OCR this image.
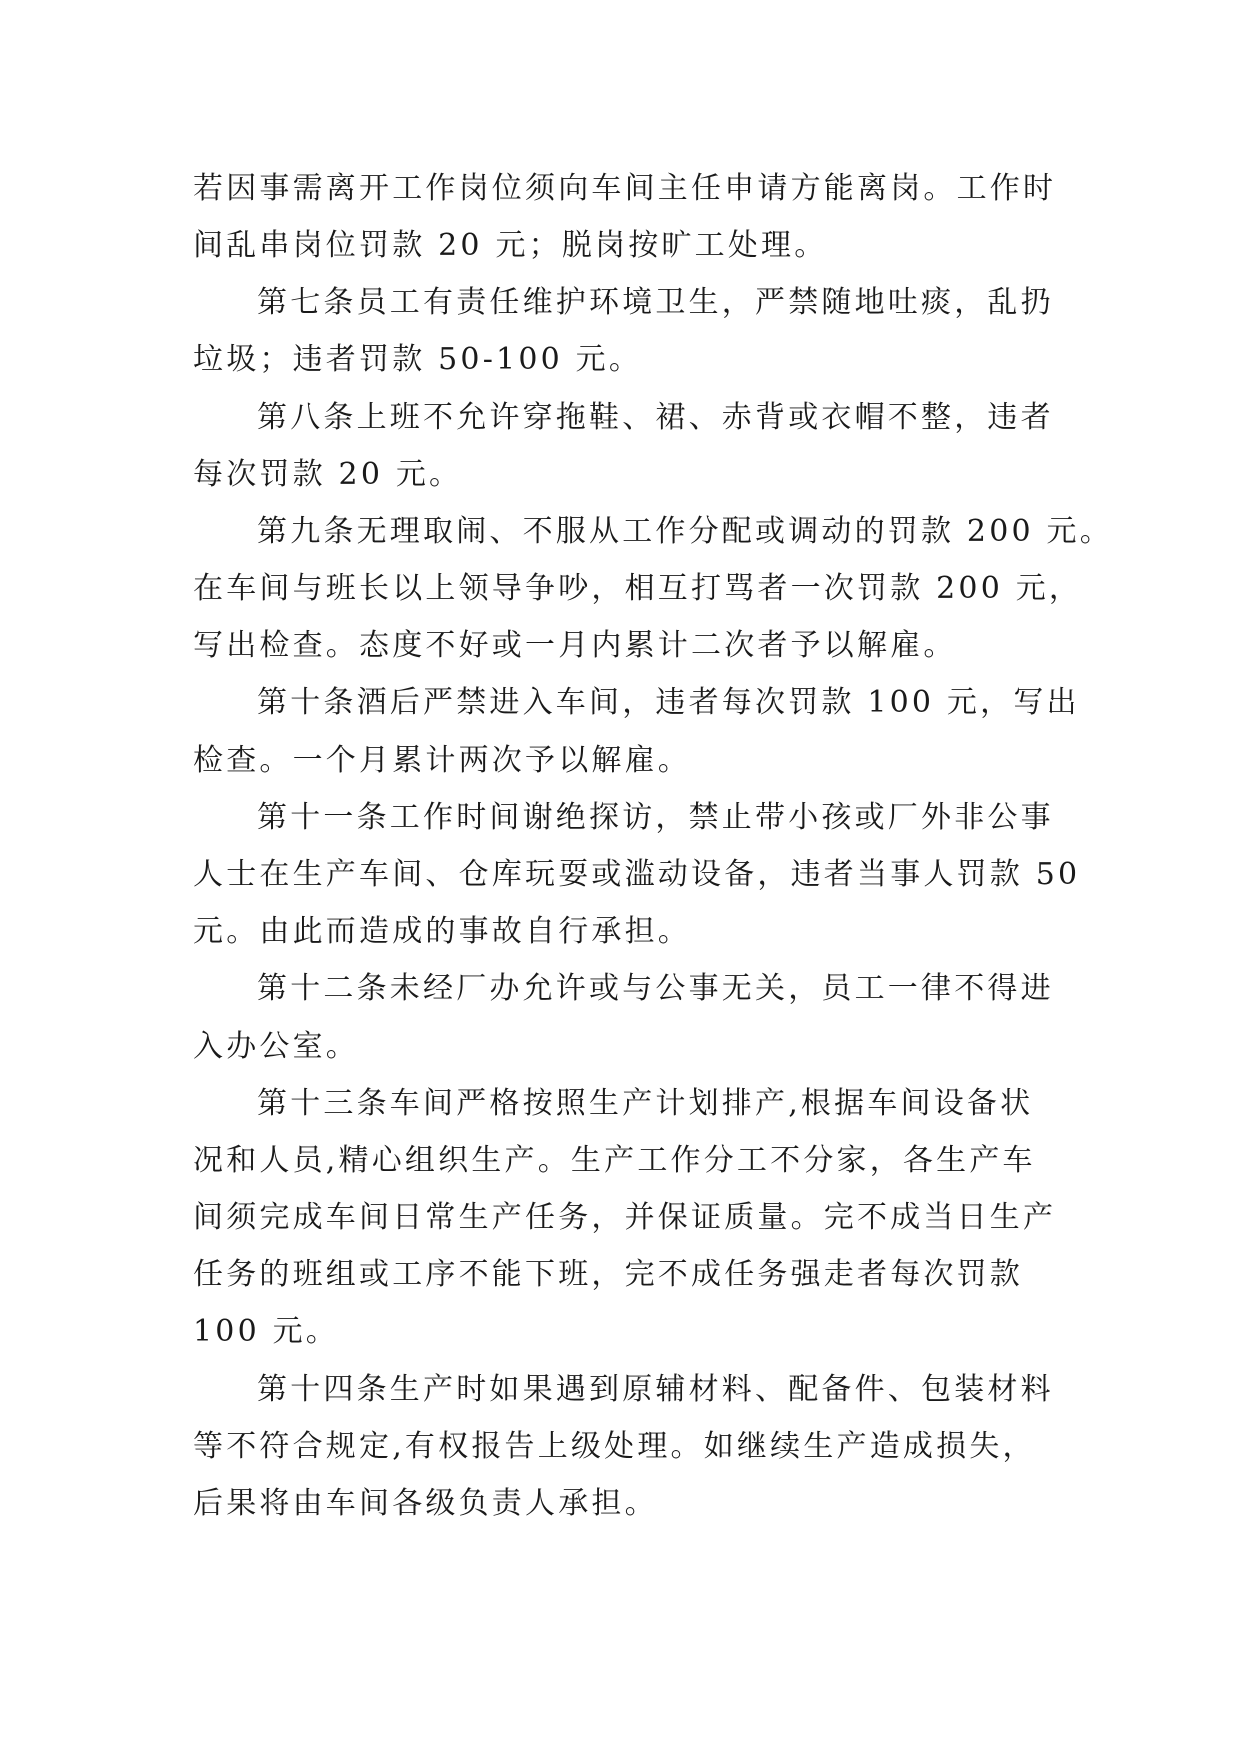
若因事需离开工作岗位须向车间主任申请方能离岗。工作时

间乱串岗位罚款 20 元；脱岗按旷工处理。

第七条员工有责任维护环境卫生，严禁随地吐痰，乱扔

垃圾；违者罚款 50-100 元。

第八条上班不允许穿拖鞋、裙、赤背或衣帽不整，违者

每次罚款 20 元。

第九条无理取闹、不服从工作分配或调动的罚款 200 元。

在车间与班长以上领导争吵，相互打骂者一次罚款 200 元，

写出检查。态度不好或一月内累计二次者予以解雇。

第十条酒后严禁进入车间，违者每次罚款 100 元，写出

检查。一个月累计两次予以解雇。

第十一条工作时间谢绝探访，禁止带小孩或厂外非公事

人士在生产车间、仓库玩耍或滥动设备，违者当事人罚款 50

元。由此而造成的事故自行承担。

第十二条未经厂办允许或与公事无关，员工一律不得进

入办公室。

第十三条车间严格按照生产计划排产,根据车间设备状

况和人员,精心组织生产。生产工作分工不分家，各生产车

间须完成车间日常生产任务，并保证质量。完不成当日生产

任务的班组或工序不能下班，完不成任务强走者每次罚款

100 元。

第十四条生产时如果遇到原辅材料、配备件、包装材料

等不符合规定,有权报告上级处理。如继续生产造成损失，

后果将由车间各级负责人承担。
